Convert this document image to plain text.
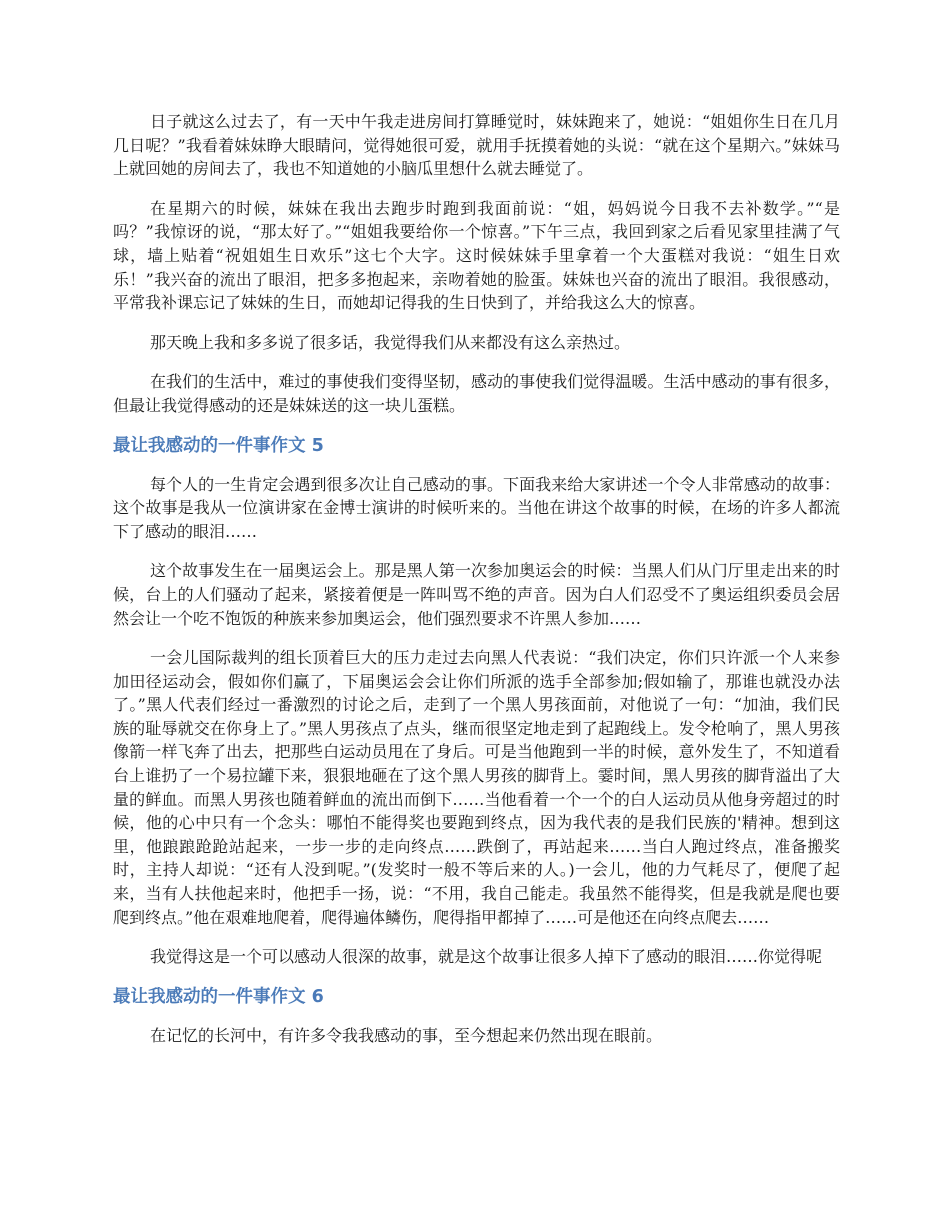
日子就这么过去了，有一天中午我走进房间打算睡觉时，妹妹跑来了，她说：“姐姐你生日在几月几日呢？”我看着妹妹睁大眼睛问，觉得她很可爱，就用手抚摸着她的头说：“就在这个星期六。”妹妹马上就回她的房间去了，我也不知道她的小脑瓜里想什么就去睡觉了。

在星期六的时候，妹妹在我出去跑步时跑到我面前说：“姐，妈妈说今日我不去补数学。”“是吗？”我惊讶的说，“那太好了。”“姐姐我要给你一个惊喜。”下午三点，我回到家之后看见家里挂满了气球，墙上贴着“祝姐姐生日欢乐”这七个大字。这时候妹妹手里拿着一个大蛋糕对我说：“姐生日欢乐！”我兴奋的流出了眼泪，把多多抱起来，亲吻着她的脸蛋。妹妹也兴奋的流出了眼泪。我很感动，平常我补课忘记了妹妹的生日，而她却记得我的生日快到了，并给我这么大的惊喜。

那天晚上我和多多说了很多话，我觉得我们从来都没有这么亲热过。

在我们的生活中，难过的事使我们变得坚韧，感动的事使我们觉得温暖。生活中感动的事有很多，但最让我觉得感动的还是妹妹送的这一块儿蛋糕。

最让我感动的一件事作文 5

每个人的一生肯定会遇到很多次让自己感动的事。下面我来给大家讲述一个令人非常感动的故事：这个故事是我从一位演讲家在金博士演讲的时候听来的。当他在讲这个故事的时候，在场的许多人都流下了感动的眼泪……

这个故事发生在一届奥运会上。那是黑人第一次参加奥运会的时候：当黑人们从门厅里走出来的时候，台上的人们骚动了起来，紧接着便是一阵叫骂不绝的声音。因为白人们忍受不了奥运组织委员会居然会让一个吃不饱饭的种族来参加奥运会，他们强烈要求不许黑人参加……

一会儿国际裁判的组长顶着巨大的压力走过去向黑人代表说：“我们决定，你们只许派一个人来参加田径运动会，假如你们赢了，下届奥运会会让你们所派的选手全部参加;假如输了，那谁也就没办法了。”黑人代表们经过一番激烈的讨论之后，走到了一个黑人男孩面前，对他说了一句：“加油，我们民族的耻辱就交在你身上了。”黑人男孩点了点头，继而很坚定地走到了起跑线上。发令枪响了，黑人男孩像箭一样飞奔了出去，把那些白运动员甩在了身后。可是当他跑到一半的时候，意外发生了，不知道看台上谁扔了一个易拉罐下来，狠狠地砸在了这个黑人男孩的脚背上。霎时间，黑人男孩的脚背溢出了大量的鲜血。而黑人男孩也随着鲜血的流出而倒下……当他看着一个一个的白人运动员从他身旁超过的时候，他的心中只有一个念头：哪怕不能得奖也要跑到终点，因为我代表的是我们民族的'精神。想到这里，他踉踉跄跄站起来，一步一步的走向终点……跌倒了，再站起来……当白人跑过终点，准备搬奖时，主持人却说：“还有人没到呢。”(发奖时一般不等后来的人。)一会儿，他的力气耗尽了，便爬了起来，当有人扶他起来时，他把手一扬，说：“不用，我自己能走。我虽然不能得奖，但是我就是爬也要爬到终点。”他在艰难地爬着，爬得遍体鳞伤，爬得指甲都掉了……可是他还在向终点爬去……

我觉得这是一个可以感动人很深的故事，就是这个故事让很多人掉下了感动的眼泪……你觉得呢

最让我感动的一件事作文 6

在记忆的长河中，有许多令我我感动的事，至今想起来仍然出现在眼前。
